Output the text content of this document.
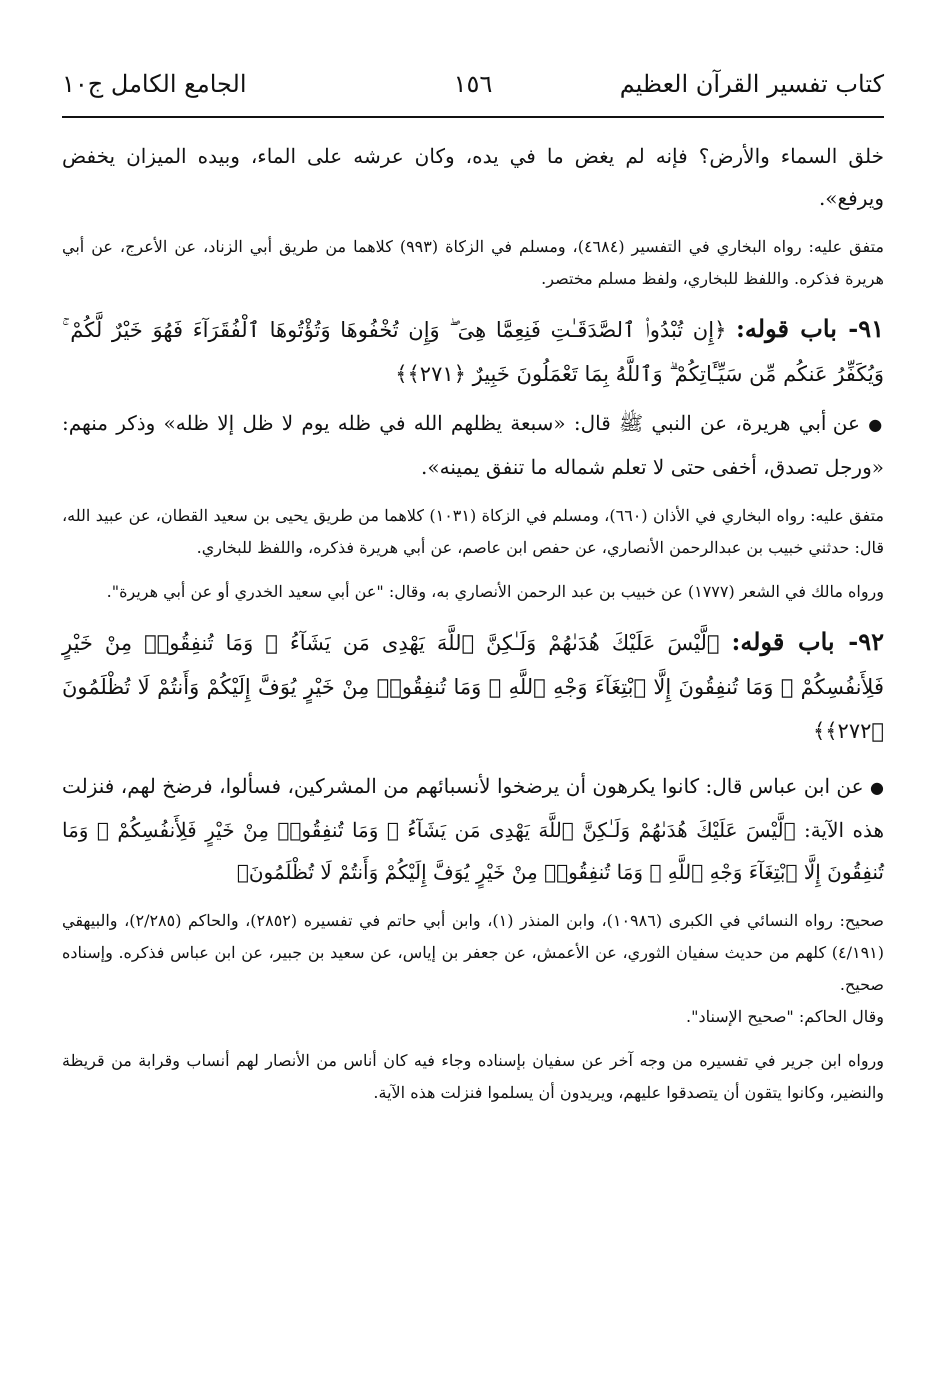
كتاب تفسير القرآن العظيم
١٥٦
الجامع الكامل ج١٠

خلق السماء والأرض؟ فإنه لم يغض ما في يده، وكان عرشه على الماء، وبيده الميزان يخفض ويرفع».

متفق عليه: رواه البخاري في التفسير (٤٦٨٤)، ومسلم في الزكاة (٩٩٣) كلاهما من طريق أبي الزناد، عن الأعرج، عن أبي هريرة فذكره. واللفظ للبخاري، ولفظ مسلم مختصر.

٩١- باب قوله: ﴿إِن تُبْدُوا۟ ٱلصَّدَقَـٰتِ فَنِعِمَّا هِىَ ۖ وَإِن تُخْفُوهَا وَتُؤْتُوهَا ٱلْفُقَرَآءَ فَهُوَ خَيْرٌ لَّكُمْ ۚ وَيُكَفِّرُ عَنكُم مِّن سَيِّـَٔاتِكُمْ ۗ وَٱللَّهُ بِمَا تَعْمَلُونَ خَبِيرٌ ﴿٢٧١﴾﴾

● عن أبي هريرة، عن النبي ﷺ قال: «سبعة يظلهم الله في ظله يوم لا ظل إلا ظله» وذكر منهم: «ورجل تصدق، أخفى حتى لا تعلم شماله ما تنفق يمينه».

متفق عليه: رواه البخاري في الأذان (٦٦٠)، ومسلم في الزكاة (١٠٣١) كلاهما من طريق يحيى بن سعيد القطان، عن عبيد الله، قال: حدثني خبيب بن عبدالرحمن الأنصاري، عن حفص ابن عاصم، عن أبي هريرة فذكره، واللفظ للبخاري.

ورواه مالك في الشعر (١٧٧٧) عن خبيب بن عبد الرحمن الأنصاري به، وقال: "عن أبي سعيد الخدري أو عن أبي هريرة".

٩٢- باب قوله: ﴿لَّيْسَ عَلَيْكَ هُدَىٰهُمْ وَلَـٰكِنَّ ٱللَّهَ يَهْدِى مَن يَشَآءُ ۗ وَمَا تُنفِقُوا۟ مِنْ خَيْرٍ فَلِأَنفُسِكُمْ ۚ وَمَا تُنفِقُونَ إِلَّا ٱبْتِغَآءَ وَجْهِ ٱللَّهِ ۚ وَمَا تُنفِقُوا۟ مِنْ خَيْرٍ يُوَفَّ إِلَيْكُمْ وَأَنتُمْ لَا تُظْلَمُونَ ﴿٢٧٢﴾﴾

● عن ابن عباس قال: كانوا يكرهون أن يرضخوا لأنسبائهم من المشركين، فسألوا، فرضخ لهم، فنزلت هذه الآية: ﴿لَّيْسَ عَلَيْكَ هُدَىٰهُمْ وَلَـٰكِنَّ ٱللَّهَ يَهْدِى مَن يَشَآءُ ۗ وَمَا تُنفِقُوا۟ مِنْ خَيْرٍ فَلِأَنفُسِكُمْ ۚ وَمَا تُنفِقُونَ إِلَّا ٱبْتِغَآءَ وَجْهِ ٱللَّهِ ۚ وَمَا تُنفِقُوا۟ مِنْ خَيْرٍ يُوَفَّ إِلَيْكُمْ وَأَنتُمْ لَا تُظْلَمُونَ﴾

صحيح: رواه النسائي في الكبرى (١٠٩٨٦)، وابن المنذر (١)، وابن أبي حاتم في تفسيره (٢٨٥٢)، والحاكم (٢/٢٨٥)، والبيهقي (٤/١٩١) كلهم من حديث سفيان الثوري، عن الأعمش، عن جعفر بن إياس، عن سعيد بن جبير، عن ابن عباس فذكره. وإسناده صحيح.

وقال الحاكم: "صحيح الإسناد".

ورواه ابن جرير في تفسيره من وجه آخر عن سفيان بإسناده وجاء فيه كان أناس من الأنصار لهم أنساب وقرابة من قريظة والنضير، وكانوا يتقون أن يتصدقوا عليهم، ويريدون أن يسلموا فنزلت هذه الآية.
